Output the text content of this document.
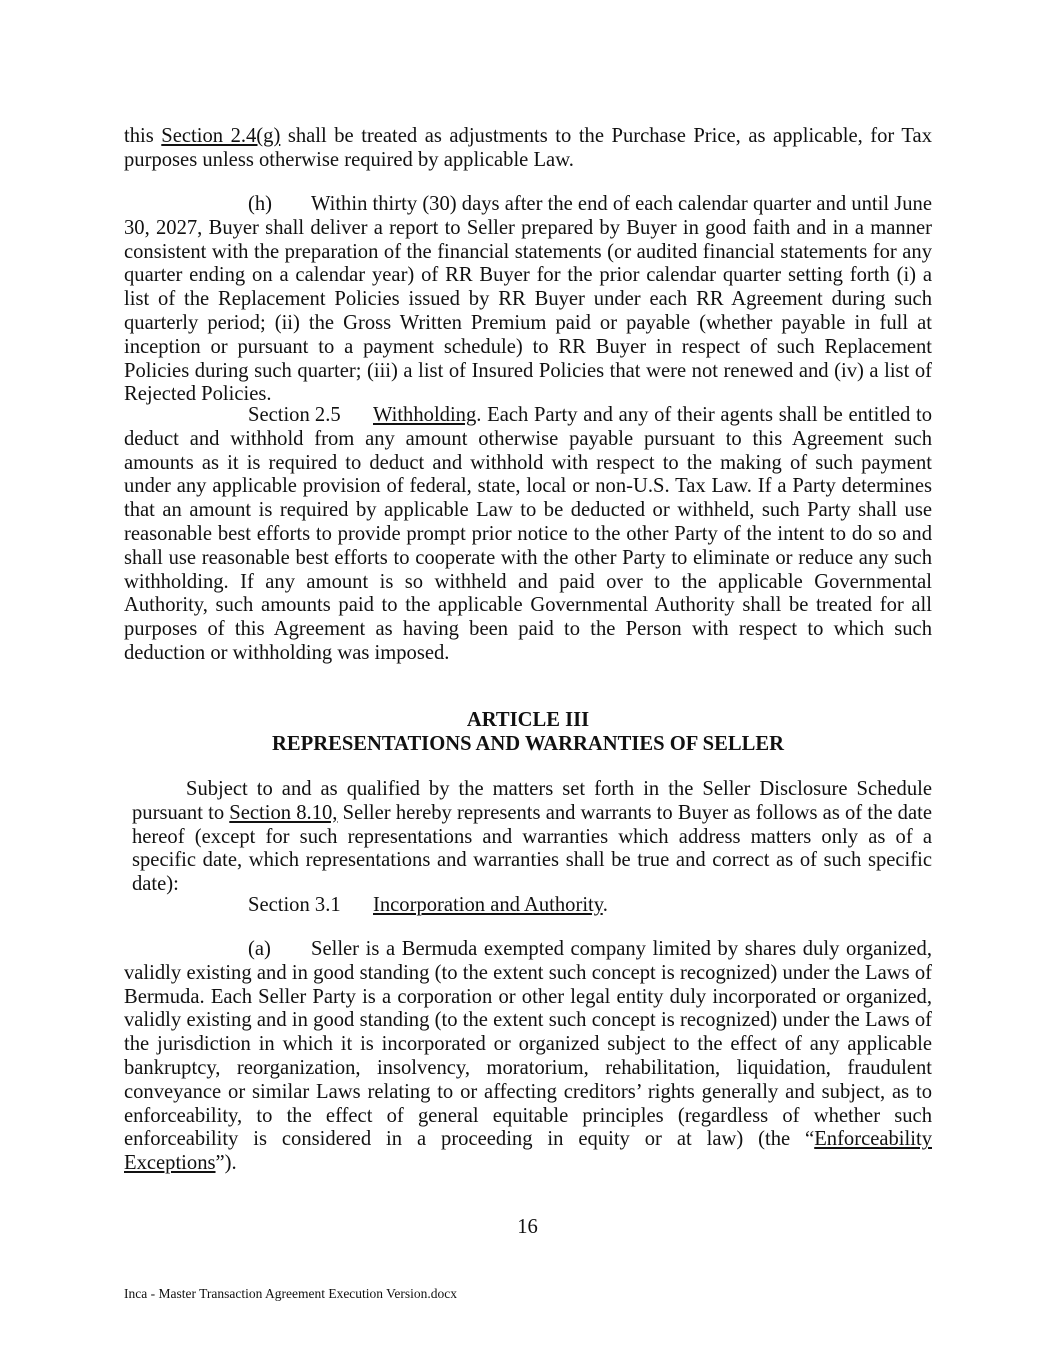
this Section 2.4(g) shall be treated as adjustments to the Purchase Price, as applicable, for Tax purposes unless otherwise required by applicable Law.

(h) Within thirty (30) days after the end of each calendar quarter and until June 30, 2027, Buyer shall deliver a report to Seller prepared by Buyer in good faith and in a manner consistent with the preparation of the financial statements (or audited financial statements for any quarter ending on a calendar year) of RR Buyer for the prior calendar quarter setting forth (i) a list of the Replacement Policies issued by RR Buyer under each RR Agreement during such quarterly period; (ii) the Gross Written Premium paid or payable (whether payable in full at inception or pursuant to a payment schedule) to RR Buyer in respect of such Replacement Policies during such quarter; (iii) a list of Insured Policies that were not renewed and (iv) a list of Rejected Policies.

Section 2.5 Withholding. Each Party and any of their agents shall be entitled to deduct and withhold from any amount otherwise payable pursuant to this Agreement such amounts as it is required to deduct and withhold with respect to the making of such payment under any applicable provision of federal, state, local or non-U.S. Tax Law. If a Party determines that an amount is required by applicable Law to be deducted or withheld, such Party shall use reasonable best efforts to provide prompt prior notice to the other Party of the intent to do so and shall use reasonable best efforts to cooperate with the other Party to eliminate or reduce any such withholding. If any amount is so withheld and paid over to the applicable Governmental Authority, such amounts paid to the applicable Governmental Authority shall be treated for all purposes of this Agreement as having been paid to the Person with respect to which such deduction or withholding was imposed.

ARTICLE III
REPRESENTATIONS AND WARRANTIES OF SELLER

Subject to and as qualified by the matters set forth in the Seller Disclosure Schedule pursuant to Section 8.10, Seller hereby represents and warrants to Buyer as follows as of the date hereof (except for such representations and warranties which address matters only as of a specific date, which representations and warranties shall be true and correct as of such specific date):

Section 3.1 Incorporation and Authority.

(a) Seller is a Bermuda exempted company limited by shares duly organized, validly existing and in good standing (to the extent such concept is recognized) under the Laws of Bermuda. Each Seller Party is a corporation or other legal entity duly incorporated or organized, validly existing and in good standing (to the extent such concept is recognized) under the Laws of the jurisdiction in which it is incorporated or organized subject to the effect of any applicable bankruptcy, reorganization, insolvency, moratorium, rehabilitation, liquidation, fraudulent conveyance or similar Laws relating to or affecting creditors’ rights generally and subject, as to enforceability, to the effect of general equitable principles (regardless of whether such enforceability is considered in a proceeding in equity or at law) (the “Enforceability Exceptions”).

16
Inca - Master Transaction Agreement Execution Version.docx
